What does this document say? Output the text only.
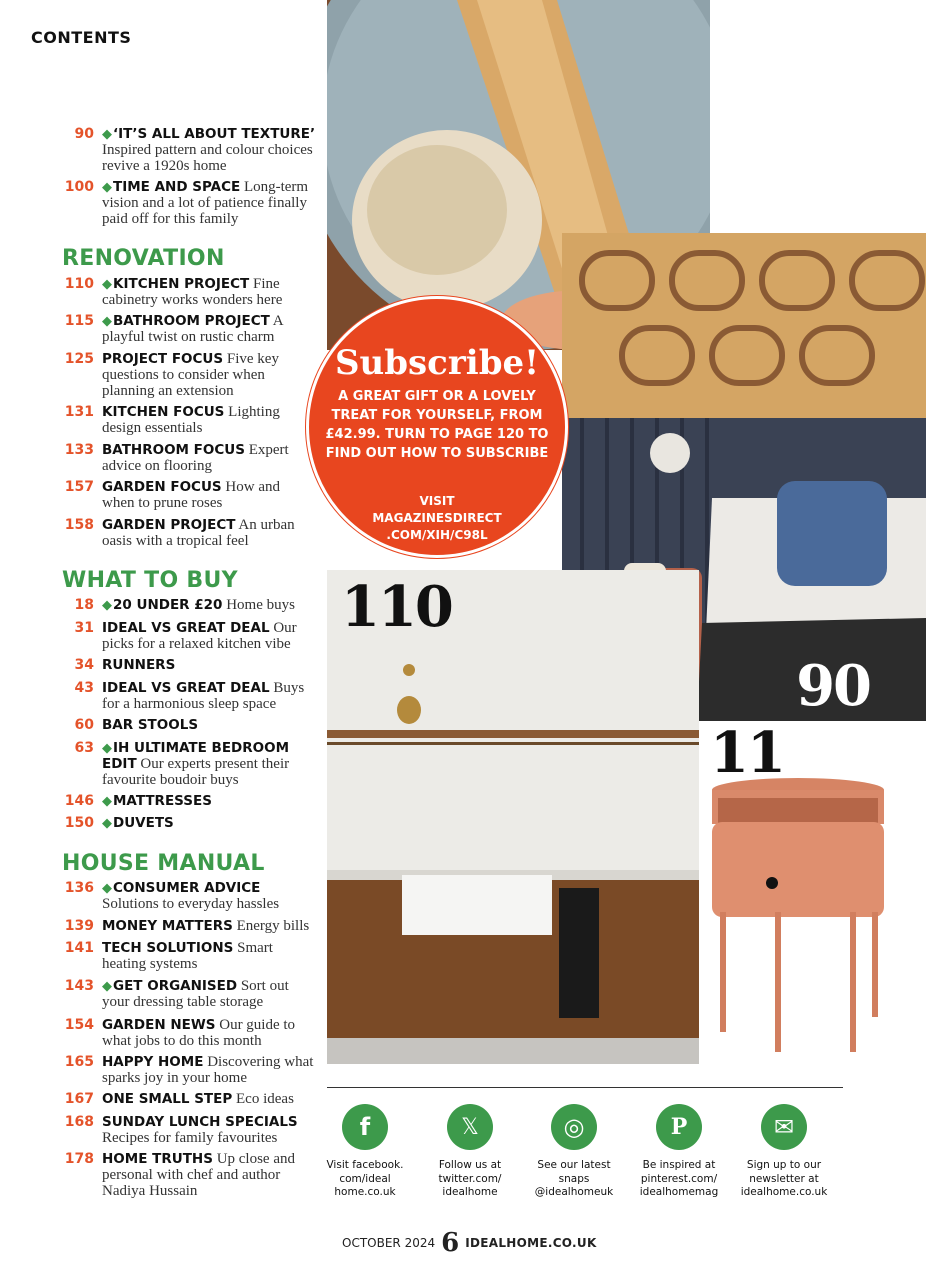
CONTENTS
90 ◆‘IT’S ALL ABOUT TEXTURE’ Inspired pattern and colour choices revive a 1920s home
100 ◆TIME AND SPACE Long-term vision and a lot of patience finally paid off for this family
RENOVATION
110 ◆KITCHEN PROJECT Fine cabinetry works wonders here
115 ◆BATHROOM PROJECT A playful twist on rustic charm
125 PROJECT FOCUS Five key questions to consider when planning an extension
131 KITCHEN FOCUS Lighting design essentials
133 BATHROOM FOCUS Expert advice on flooring
157 GARDEN FOCUS How and when to prune roses
158 GARDEN PROJECT An urban oasis with a tropical feel
WHAT TO BUY
18 ◆20 UNDER £20 Home buys
31 IDEAL VS GREAT DEAL Our picks for a relaxed kitchen vibe
34 RUNNERS
43 IDEAL VS GREAT DEAL Buys for a harmonious sleep space
60 BAR STOOLS
63 ◆IH ULTIMATE BEDROOM EDIT Our experts present their favourite boudoir buys
146 ◆MATTRESSES
150 ◆DUVETS
HOUSE MANUAL
136 ◆CONSUMER ADVICE Solutions to everyday hassles
139 MONEY MATTERS Energy bills
141 TECH SOLUTIONS Smart heating systems
143 ◆GET ORGANISED Sort out your dressing table storage
154 GARDEN NEWS Our guide to what jobs to do this month
165 HAPPY HOME Discovering what sparks joy in your home
167 ONE SMALL STEP Eco ideas
168 SUNDAY LUNCH SPECIALS Recipes for family favourites
178 HOME TRUTHS Up close and personal with chef and author Nadiya Hussain
90
110
11
Subscribe!
A GREAT GIFT OR A LOVELY TREAT FOR YOURSELF, FROM £42.99. TURN TO PAGE 120 TO FIND OUT HOW TO SUBSCRIBE
VISIT MAGAZINESDIRECT .COM/XIH/C98L
f
Visit facebook. com/ideal home.co.uk
𝕏
Follow us at twitter.com/ idealhome
◎
See our latest snaps @idealhomeuk
P
Be inspired at pinterest.com/ idealhomemag
✉
Sign up to our newsletter at idealhome.co.uk
OCTOBER 2024 6 IDEALHOME.CO.UK
